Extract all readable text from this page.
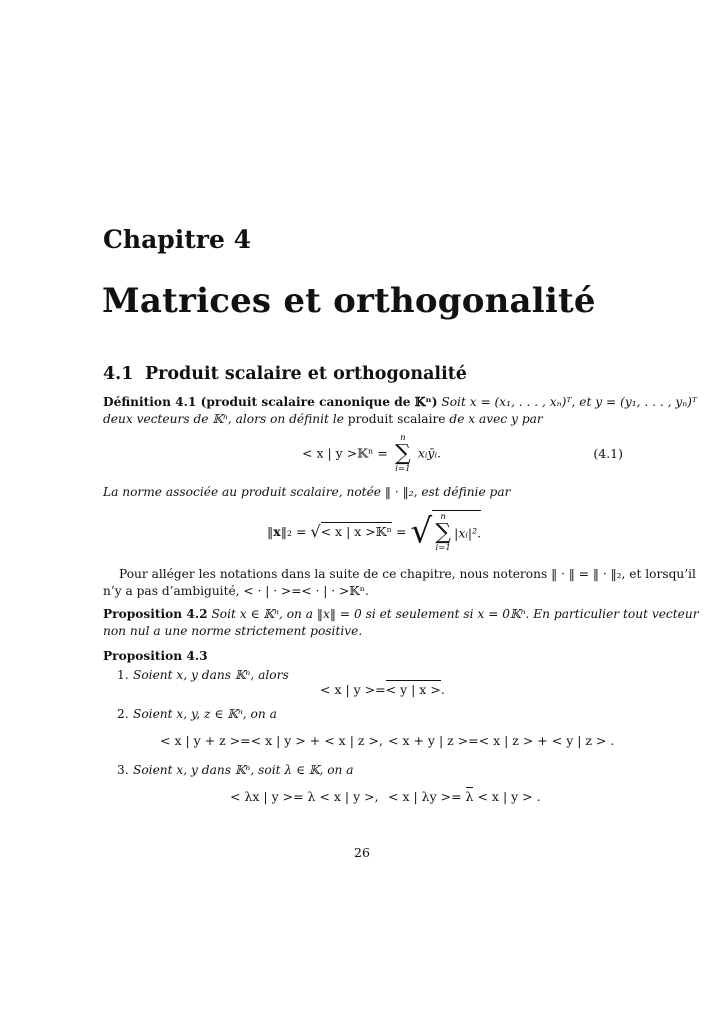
Chapitre 4
Matrices et orthogonalité
4.1 Produit scalaire et orthogonalité
Définition 4.1 (produit scalaire canonique de 𝕂ⁿ) Soit x = (x₁, . . . , xₙ)ᵀ, et y = (y₁, . . . , yₙ)ᵀ
deux vecteurs de 𝕂ⁿ, alors on définit le produit scalaire de x avec y par
< x | y >𝕂ⁿ =
n
∑
i=1
xᵢȳᵢ.	(4.1)
La norme associée au produit scalaire, notée ‖ · ‖₂, est définie par
‖x‖₂ = √< x | x >𝕂ⁿ = √ n
∑
i=1
|xᵢ|².
Pour alléger les notations dans la suite de ce chapitre, nous noterons ‖ · ‖ = ‖ · ‖₂, et lorsqu’il
n’y a pas d’ambiguité, < · | · >=< · | · >𝕂ⁿ.
Proposition 4.2 Soit x ∈ 𝕂ⁿ, on a ‖x‖ = 0 si et seulement si x = 0𝕂ⁿ. En particulier tout vecteur
non nul a une norme strictement positive.
Proposition 4.3
1. Soient x, y dans 𝕂ⁿ, alors
< x | y >=< y | x >.
2. Soient x, y, z ∈ 𝕂ⁿ, on a
< x | y + z >=< x | y > + < x | z >, < x + y | z >=< x | z > + < y | z > .
3. Soient x, y dans 𝕂ⁿ, soit λ ∈ 𝕂, on a
< λx | y >= λ < x | y >, < x | λy >= λ < x | y > .
26
